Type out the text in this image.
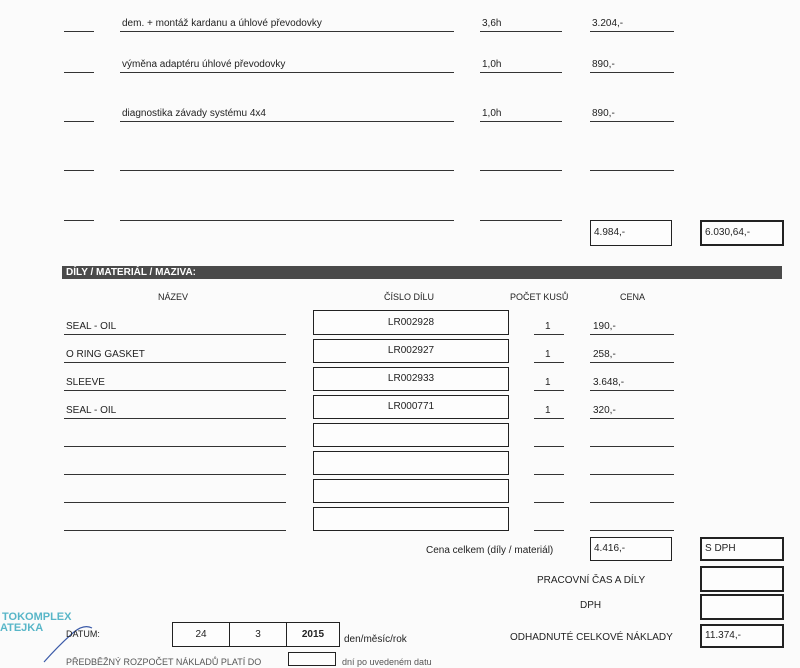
dem. + montáž kardanu a úhlové převodovky	3,6h	3.204,-
výměna adaptéru úhlové převodovky	1,0h	890,-
diagnostika závady systému 4x4	1,0h	890,-
4.984,-	6.030,64,-
DÍLY / MATERIÁL / MAZIVA:
NÁZEV	ČÍSLO DÍLU	POČET KUSŮ	CENA
SEAL - OIL	LR002928	1	190,-
O RING GASKET	LR002927	1	258,-
SLEEVE	LR002933	1	3.648,-
SEAL - OIL	LR000771	1	320,-
Cena celkem (díly / materiál)	4.416,-	S DPH
PRACOVNÍ ČAS A DÍLY
DPH
ODHADNUTÉ CELKOVÉ NÁKLADY	11.374,-
TOKOMPLEX
ATEJKA	DATUM:	24	3	2015	den/měsíc/rok
PŘEDBĚŽNÝ ROZPOČET NÁKLADŮ PLATÍ DO	dní po uvedeném datu
